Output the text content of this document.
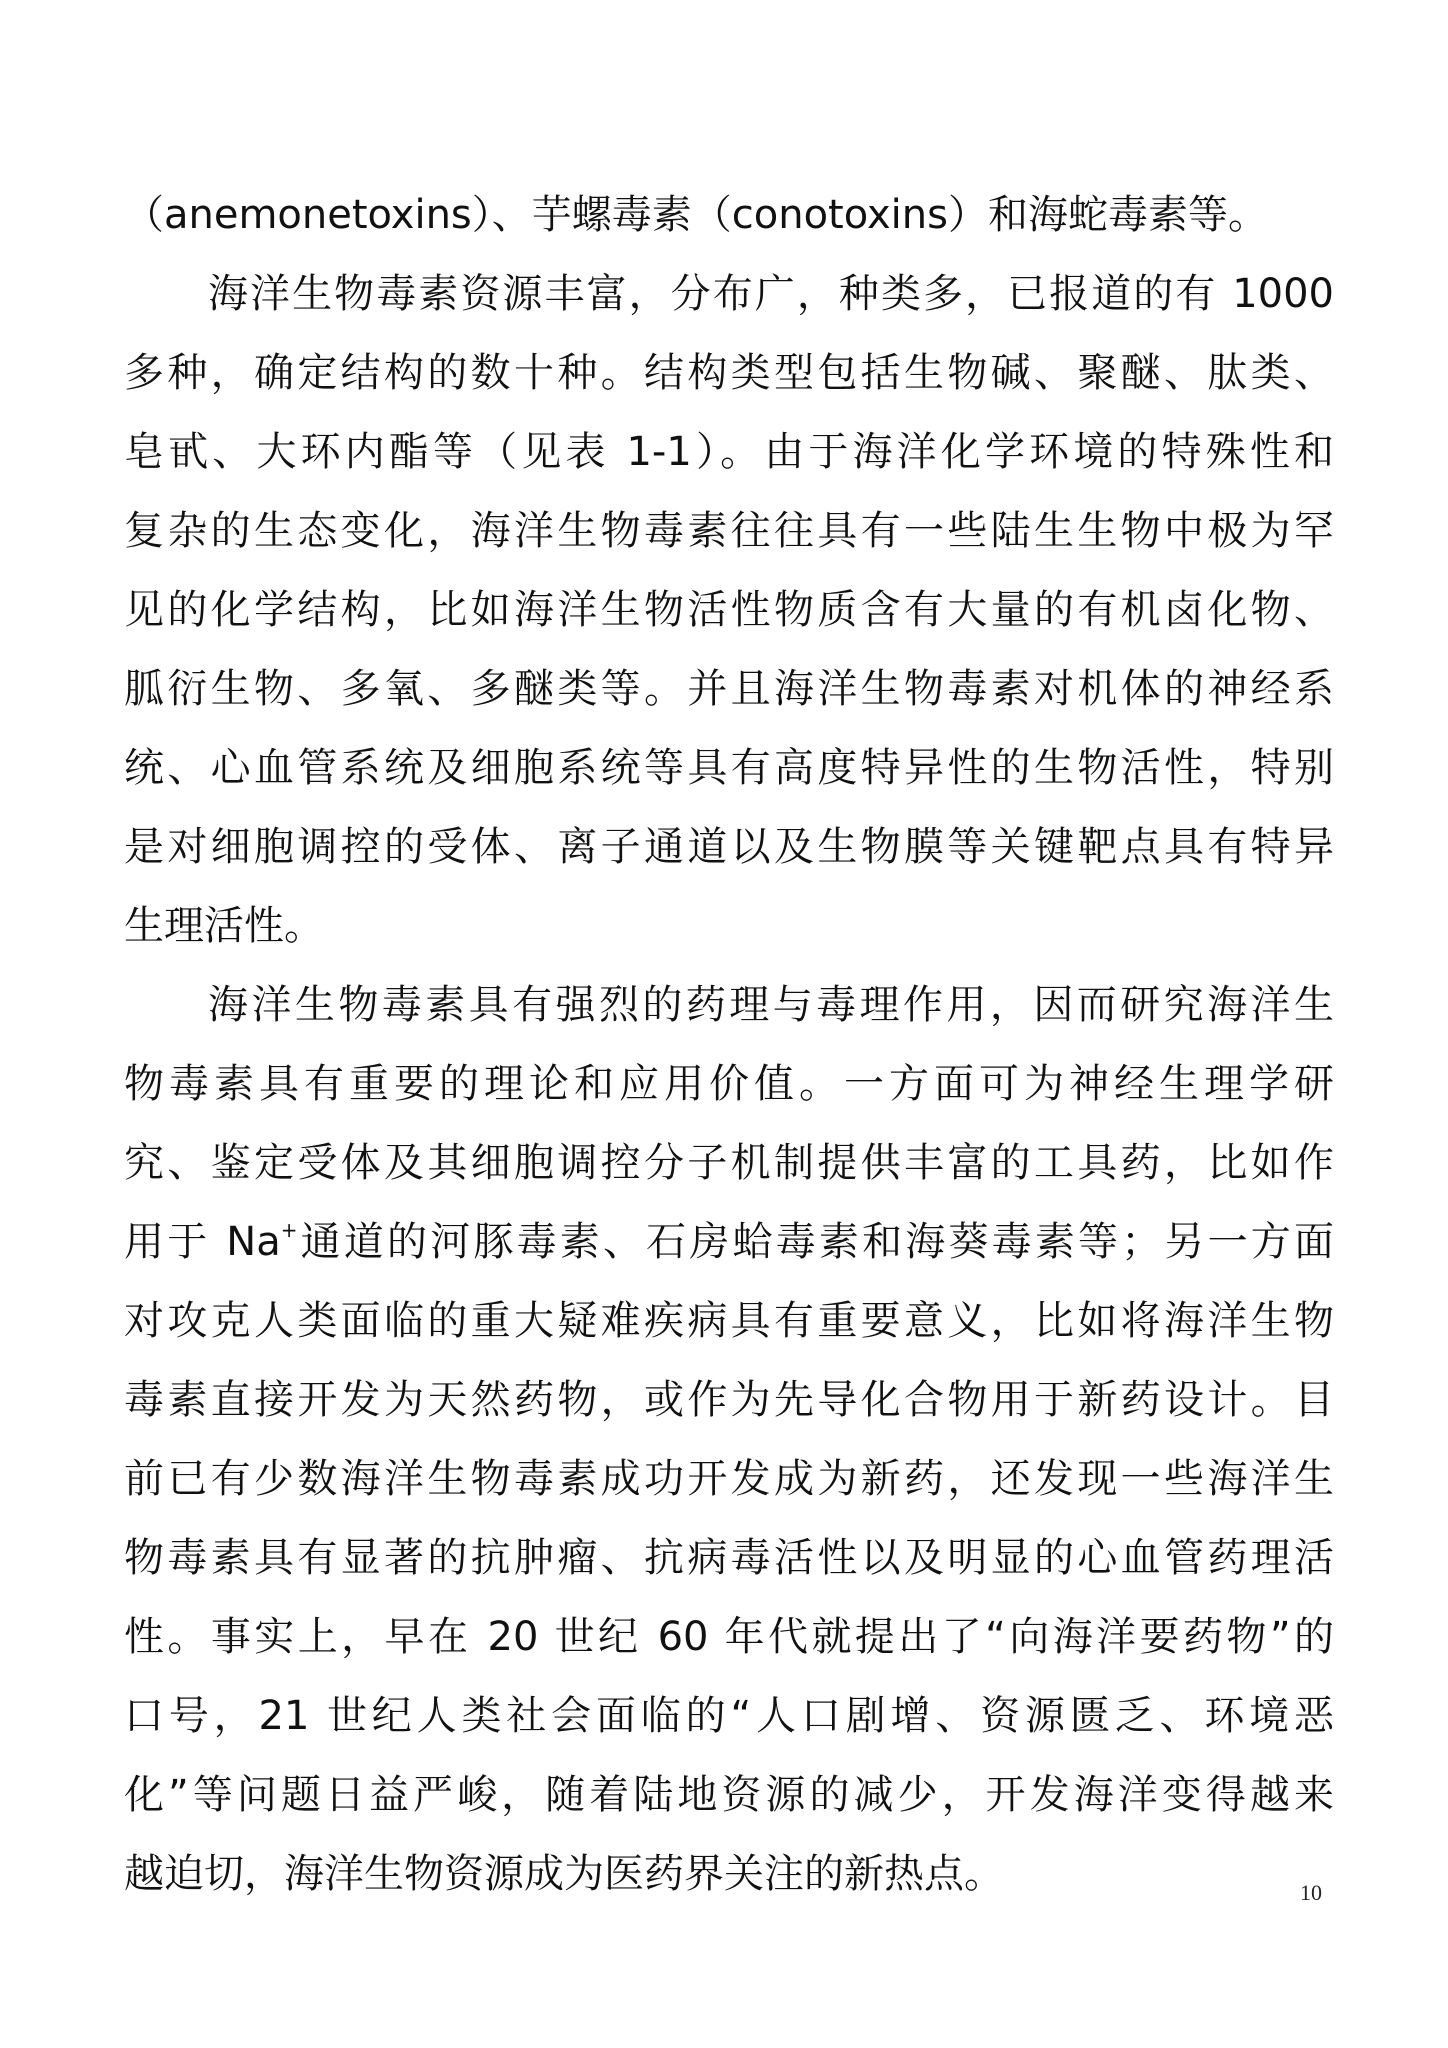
（anemonetoxins）、芋螺毒素（conotoxins）和海蛇毒素等。
海洋生物毒素资源丰富，分布广，种类多，已报道的有 1000
多种，确定结构的数十种。结构类型包括生物碱、聚醚、肽类、
皂甙、大环内酯等（见表 1-1）。由于海洋化学环境的特殊性和
复杂的生态变化，海洋生物毒素往往具有一些陆生生物中极为罕
见的化学结构，比如海洋生物活性物质含有大量的有机卤化物、
胍衍生物、多氧、多醚类等。并且海洋生物毒素对机体的神经系
统、心血管系统及细胞系统等具有高度特异性的生物活性，特别
是对细胞调控的受体、离子通道以及生物膜等关键靶点具有特异
生理活性。
海洋生物毒素具有强烈的药理与毒理作用，因而研究海洋生
物毒素具有重要的理论和应用价值。一方面可为神经生理学研
究、鉴定受体及其细胞调控分子机制提供丰富的工具药，比如作
用于 Na+通道的河豚毒素、石房蛤毒素和海葵毒素等；另一方面
对攻克人类面临的重大疑难疾病具有重要意义，比如将海洋生物
毒素直接开发为天然药物，或作为先导化合物用于新药设计。目
前已有少数海洋生物毒素成功开发成为新药，还发现一些海洋生
物毒素具有显著的抗肿瘤、抗病毒活性以及明显的心血管药理活
性。事实上，早在 20 世纪 60 年代就提出了“向海洋要药物”的
口号，21 世纪人类社会面临的“人口剧增、资源匮乏、环境恶
化”等问题日益严峻，随着陆地资源的减少，开发海洋变得越来
越迫切，海洋生物资源成为医药界关注的新热点。	10
